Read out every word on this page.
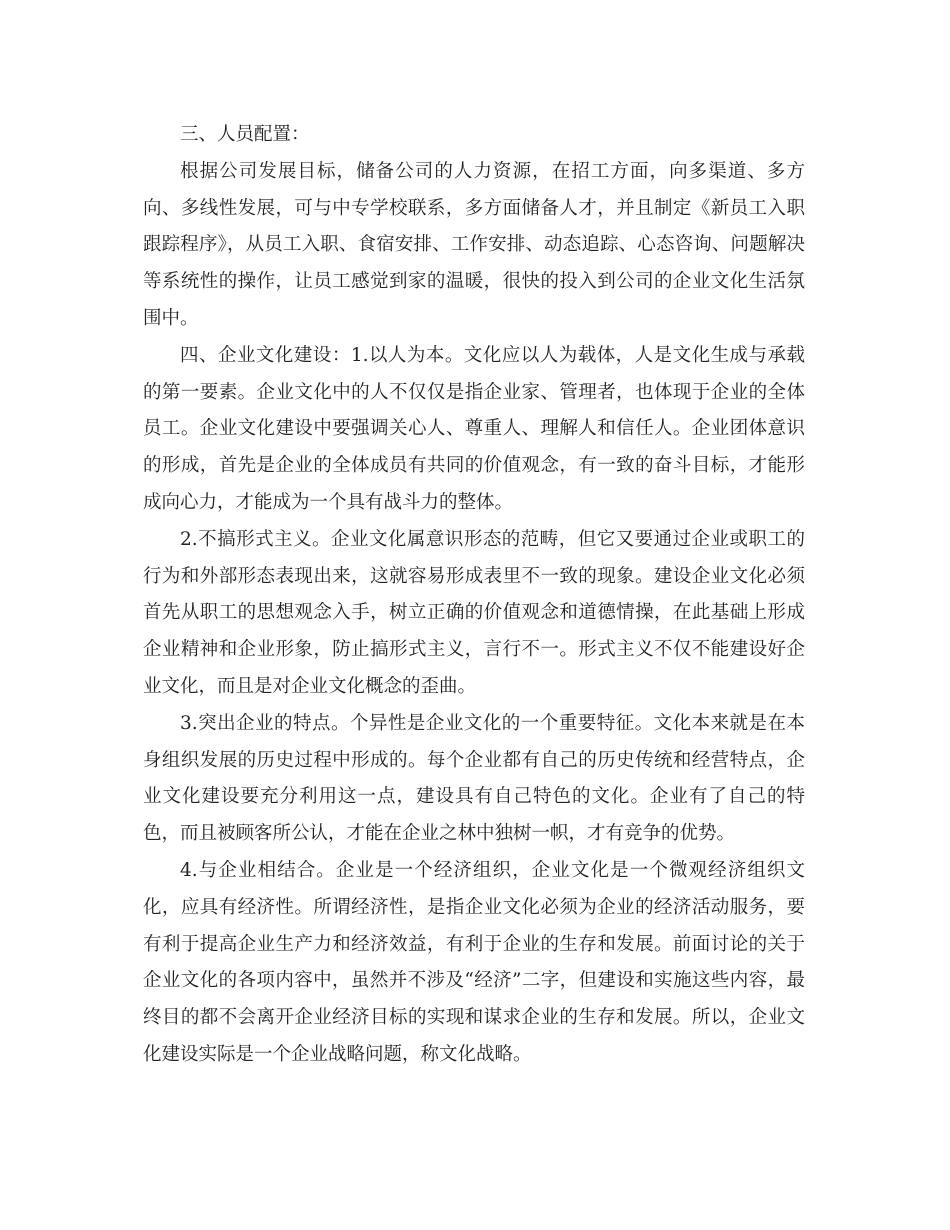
三、人员配置：

根据公司发展目标，储备公司的人力资源，在招工方面，向多渠道、多方向、多线性发展，可与中专学校联系，多方面储备人才，并且制定《新员工入职跟踪程序》，从员工入职、食宿安排、工作安排、动态追踪、心态咨询、问题解决等系统性的操作，让员工感觉到家的温暖，很快的投入到公司的企业文化生活氛围中。

四、企业文化建设：1.以人为本。文化应以人为载体，人是文化生成与承载的第一要素。企业文化中的人不仅仅是指企业家、管理者，也体现于企业的全体员工。企业文化建设中要强调关心人、尊重人、理解人和信任人。企业团体意识的形成，首先是企业的全体成员有共同的价值观念，有一致的奋斗目标，才能形成向心力，才能成为一个具有战斗力的整体。

2.不搞形式主义。企业文化属意识形态的范畴，但它又要通过企业或职工的行为和外部形态表现出来，这就容易形成表里不一致的现象。建设企业文化必须首先从职工的思想观念入手，树立正确的价值观念和道德情操，在此基础上形成企业精神和企业形象，防止搞形式主义，言行不一。形式主义不仅不能建设好企业文化，而且是对企业文化概念的歪曲。

3.突出企业的特点。个异性是企业文化的一个重要特征。文化本来就是在本身组织发展的历史过程中形成的。每个企业都有自己的历史传统和经营特点，企业文化建设要充分利用这一点，建设具有自己特色的文化。企业有了自己的特色，而且被顾客所公认，才能在企业之林中独树一帜，才有竞争的优势。

4.与企业相结合。企业是一个经济组织，企业文化是一个微观经济组织文化，应具有经济性。所谓经济性，是指企业文化必须为企业的经济活动服务，要有利于提高企业生产力和经济效益，有利于企业的生存和发展。前面讨论的关于企业文化的各项内容中，虽然并不涉及“经济”二字，但建设和实施这些内容，最终目的都不会离开企业经济目标的实现和谋求企业的生存和发展。所以，企业文化建设实际是一个企业战略问题，称文化战略。
